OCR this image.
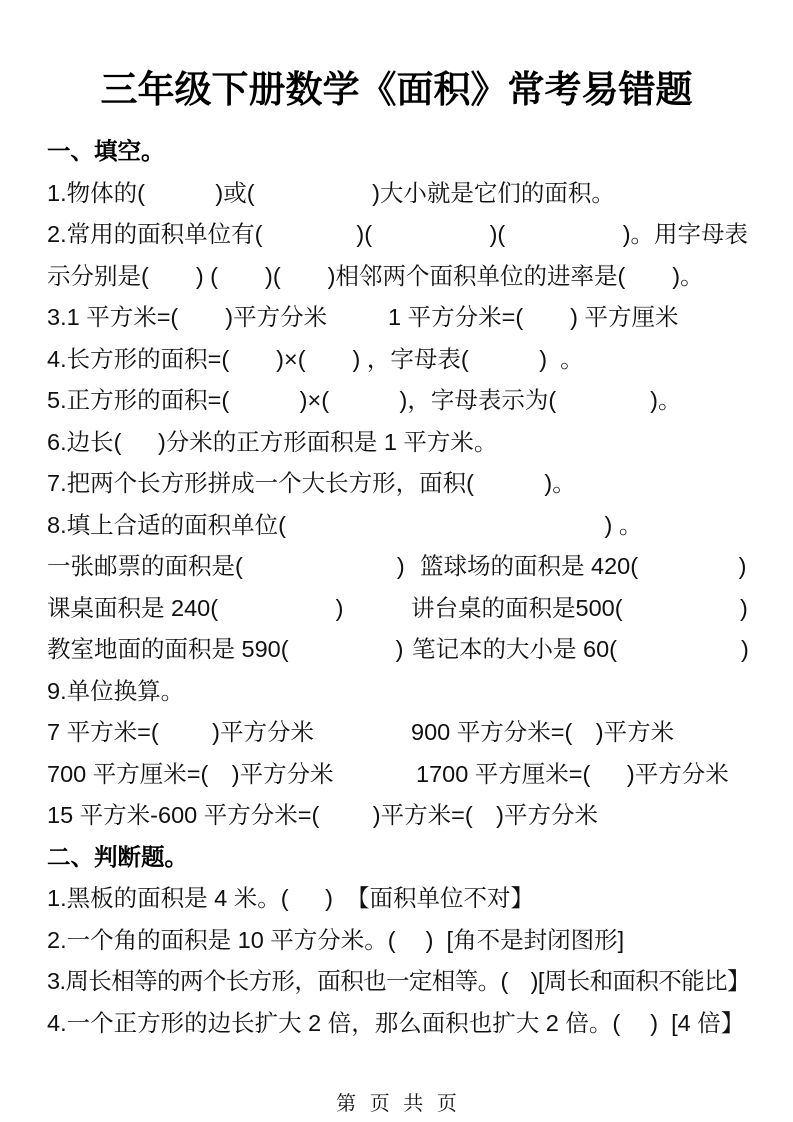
三年级下册数学《面积》常考易错题
一、填空。
1.物体的(　　　)或(　　　　　)大小就是它们的面积。
2.常用的面积单位有(　　　　)(　　　　　)(　　　　　)。用字母表
示分别是(　　) (　　)(　　)相邻两个面积单位的进率是(　　)。
3.1 平方米=(　　)平方分米	1 平方分米=(　　) 平方厘米
4.长方形的面积=(　　)×(　　) ，字母表(　　　)  。
5.正方形的面积=(　　　)×(　　　)，字母表示为(　　　　)。
6.边长(　  )分米的正方形面积是 1 平方米。
7.把两个长方形拼成一个大长方形，面积(　　　)。
8.填上合适的面积单位(　　　　　　　　　　　　　  ) 。
一张邮票的面积是(　　　　　　  ) 篮球场的面积是 420(　　　　 )
课桌面积是 240(　　　　　)	讲台桌的面积是500(　　　　　)
教室地面的面积是 590(　　　　  ) 笔记本的大小是 60(　　　　　 )
9.单位换算。
7 平方米=(　　 )平方分米	900 平方分米=(　)平方米
700 平方厘米=(　)平方分米	1700 平方厘米=(　  )平方分米
15 平方米-600 平方分米=(　　 )平方米=(　)平方分米
二、判断题。
1.黑板的面积是 4 米。(　  )  【面积单位不对】
2.一个角的面积是 10 平方分米。(　 )  [角不是封闭图形]
3.周长相等的两个长方形，面积也一定相等。(　)[周长和面积不能比】
4.一个正方形的边长扩大 2 倍，那么面积也扩大 2 倍。(　 )  [4 倍】
第 页 共 页
